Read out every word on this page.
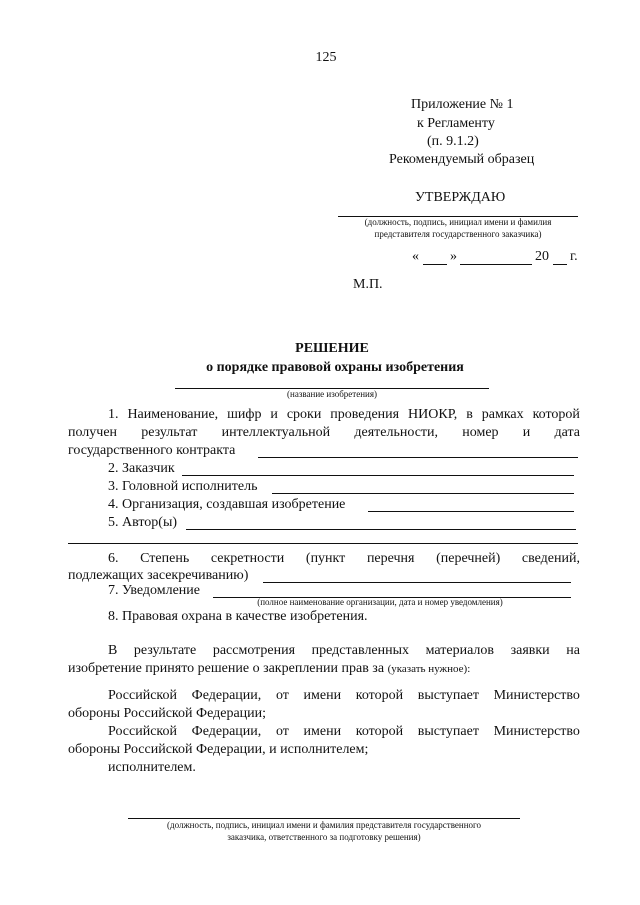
125
Приложение № 1
к Регламенту
(п. 9.1.2)
Рекомендуемый образец
УТВЕРЖДАЮ
(должность, подпись, инициал имени и фамилия
представителя государственного заказчика)
« »	20 г.
М.П.
РЕШЕНИЕ
о порядке правовой охраны изобретения
(название изобретения)
1. Наименование, шифр и сроки проведения НИОКР, в рамках которой
получен результат интеллектуальной деятельности, номер и дата
государственного контракта
2. Заказчик
3. Головной исполнитель
4. Организация, создавшая изобретение
5. Автор(ы)
6. Степень секретности (пункт перечня (перечней) сведений,
подлежащих засекречиванию)
7. Уведомление
(полное наименование организации, дата и номер уведомления)
8. Правовая охрана в качестве изобретения.
В результате рассмотрения представленных материалов заявки на
изобретение принято решение о закреплении прав за (указать нужное):
Российской Федерации, от имени которой выступает Министерство
обороны Российской Федерации;
Российской Федерации, от имени которой выступает Министерство
обороны Российской Федерации, и исполнителем;
исполнителем.
(должность, подпись, инициал имени и фамилия представителя государственного
заказчика, ответственного за подготовку решения)
